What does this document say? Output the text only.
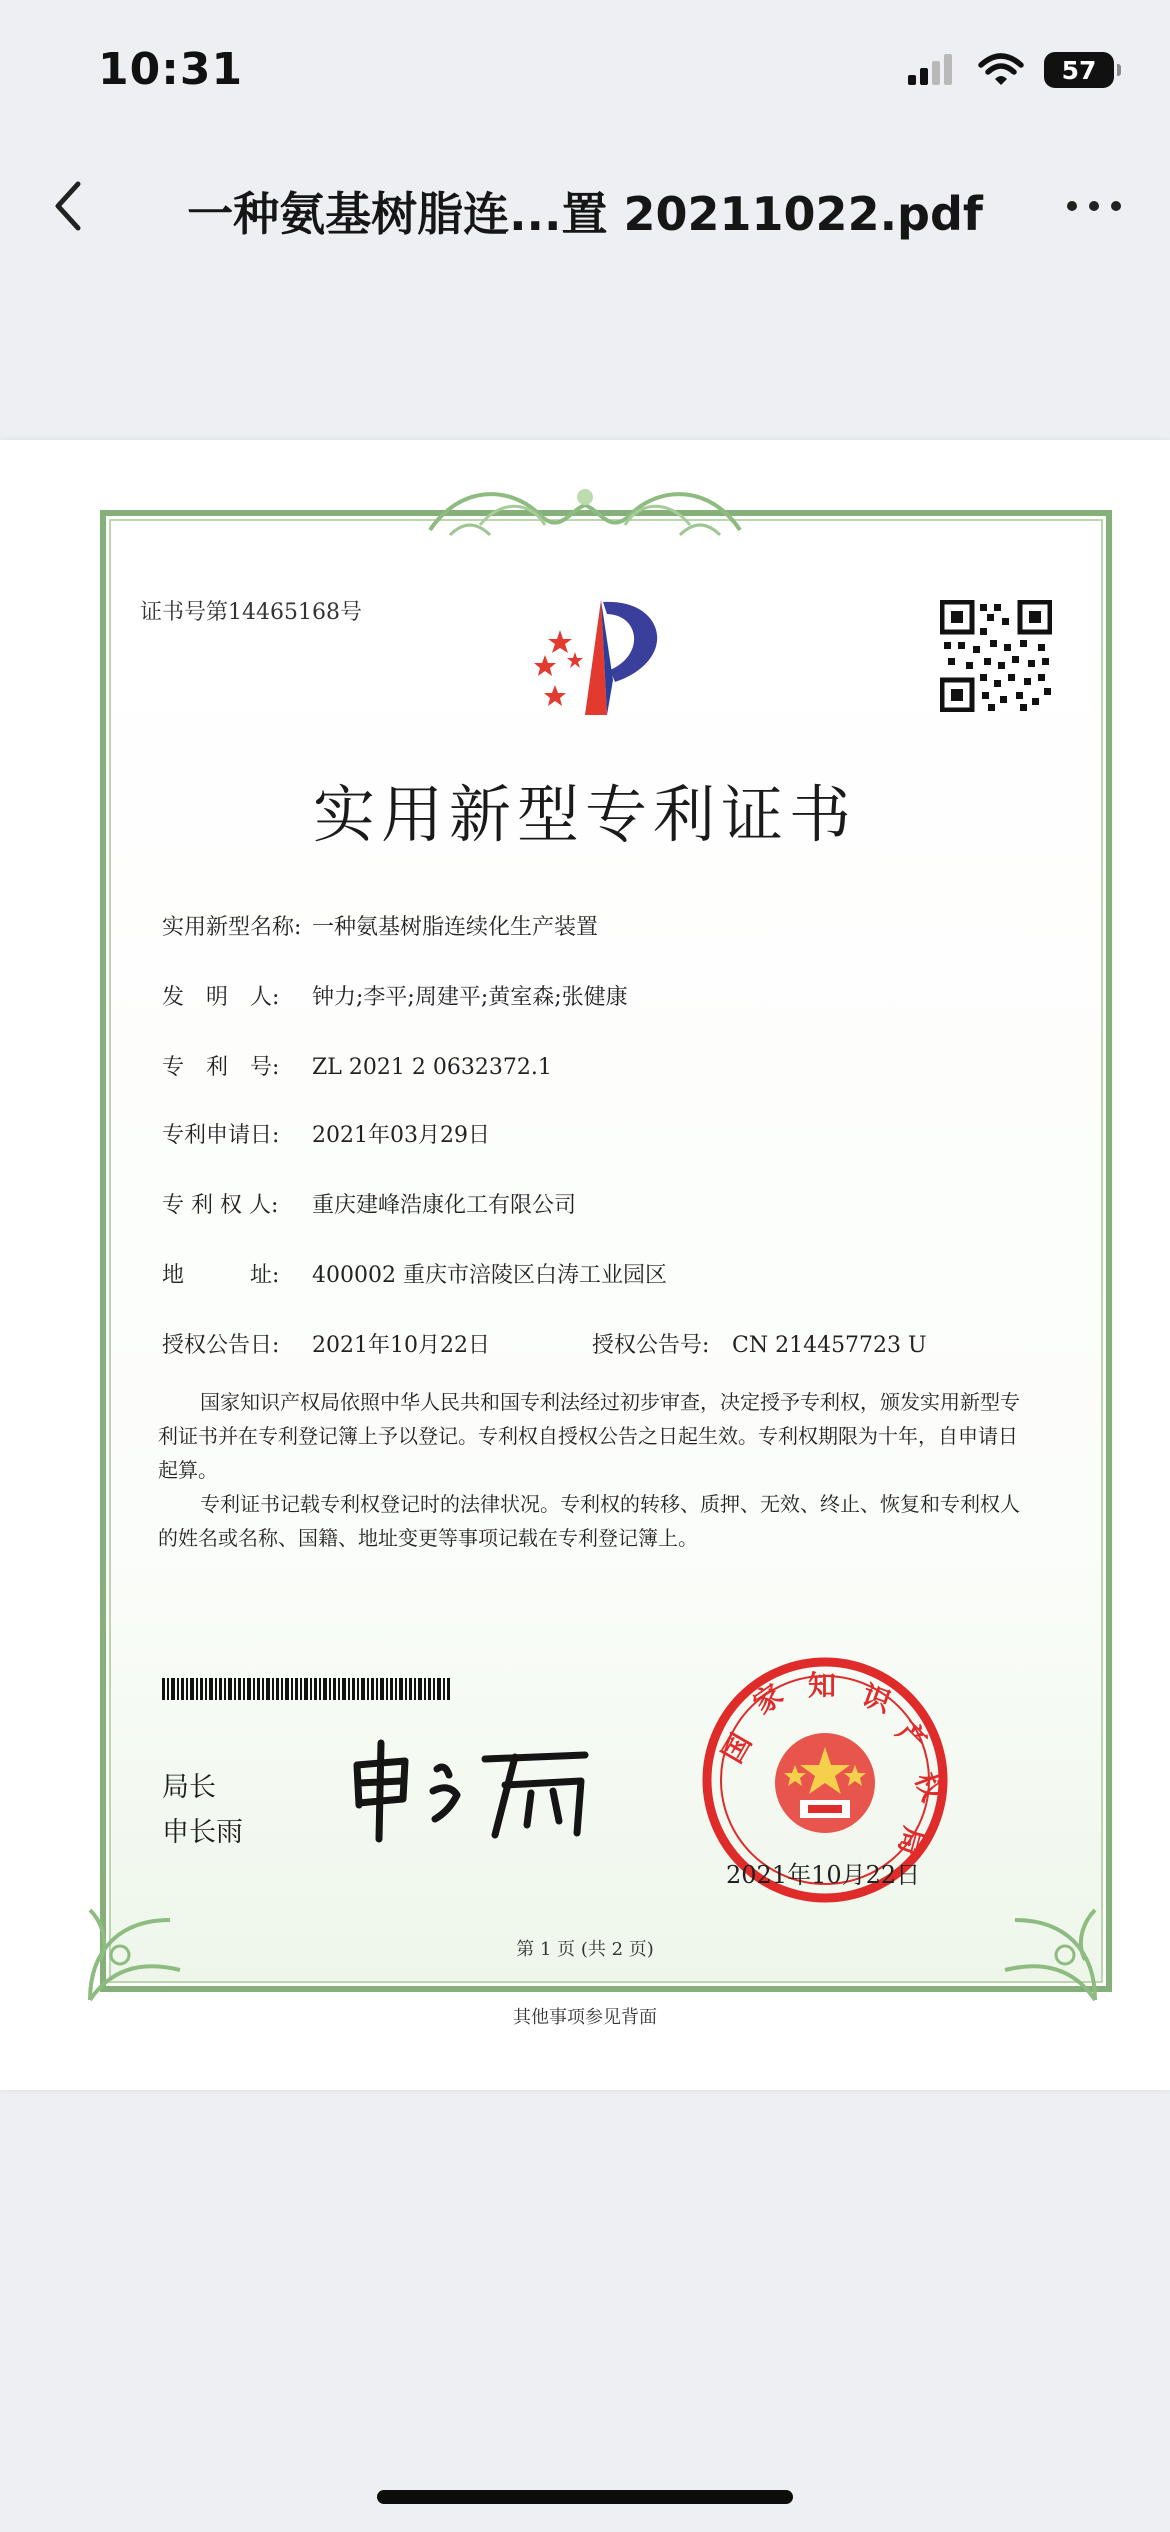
10:31	57
一种氨基树脂连...置 20211022.pdf
证书号第14465168号
实用新型专利证书
实用新型名称: 一种氨基树脂连续化生产装置
发　明　人: 钟力;李平;周建平;黄室森;张健康
专　利　号: ZL 2021 2 0632372.1
专利申请日: 2021年03月29日
专 利 权 人: 重庆建峰浩康化工有限公司
地　　　址: 400002 重庆市涪陵区白涛工业园区
授权公告日: 2021年10月22日	授权公告号: CN 214457723 U

国家知识产权局依照中华人民共和国专利法经过初步审查，决定授予专利权，颁发实用新型专利证书并在专利登记簿上予以登记。专利权自授权公告之日起生效。专利权期限为十年，自申请日起算。

专利证书记载专利权登记时的法律状况。专利权的转移、质押、无效、终止、恢复和专利权人的姓名或名称、国籍、地址变更等事项记载在专利登记簿上。

局长
申长雨
国
家 知 识
产
权
局
2021年10月22日
第 1 页 (共 2 页)
其他事项参见背面
